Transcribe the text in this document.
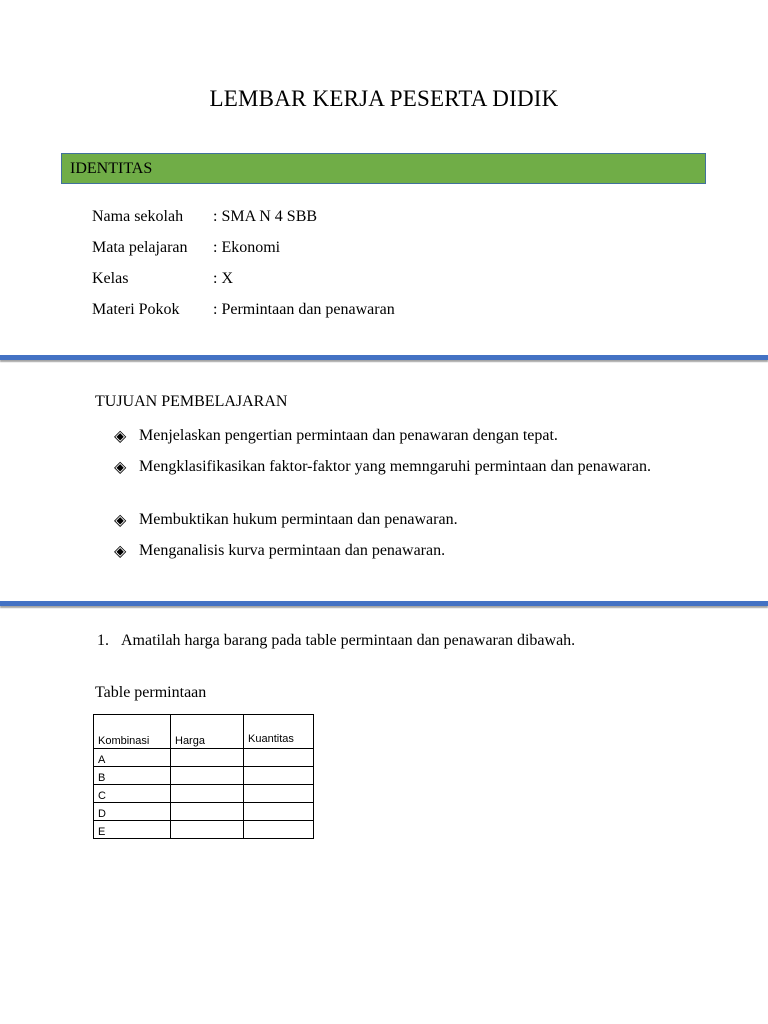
LEMBAR KERJA PESERTA DIDIK
IDENTITAS
Nama sekolah : SMA N 4 SBB
Mata pelajaran : Ekonomi
Kelas	: X
Materi Pokok : Permintaan dan penawaran
TUJUAN PEMBELAJARAN
◈ Menjelaskan pengertian permintaan dan penawaran dengan tepat.
◈ Mengklasifikasikan faktor-faktor yang memngaruhi permintaan dan penawaran.
◈ Membuktikan hukum permintaan dan penawaran.
◈ Menganalisis kurva permintaan dan penawaran.
1. Amatilah harga barang pada table permintaan dan penawaran dibawah.
Table permintaan
Kombinasi	Harga	Kuantitas
A		
B		
C		
D		
E		
